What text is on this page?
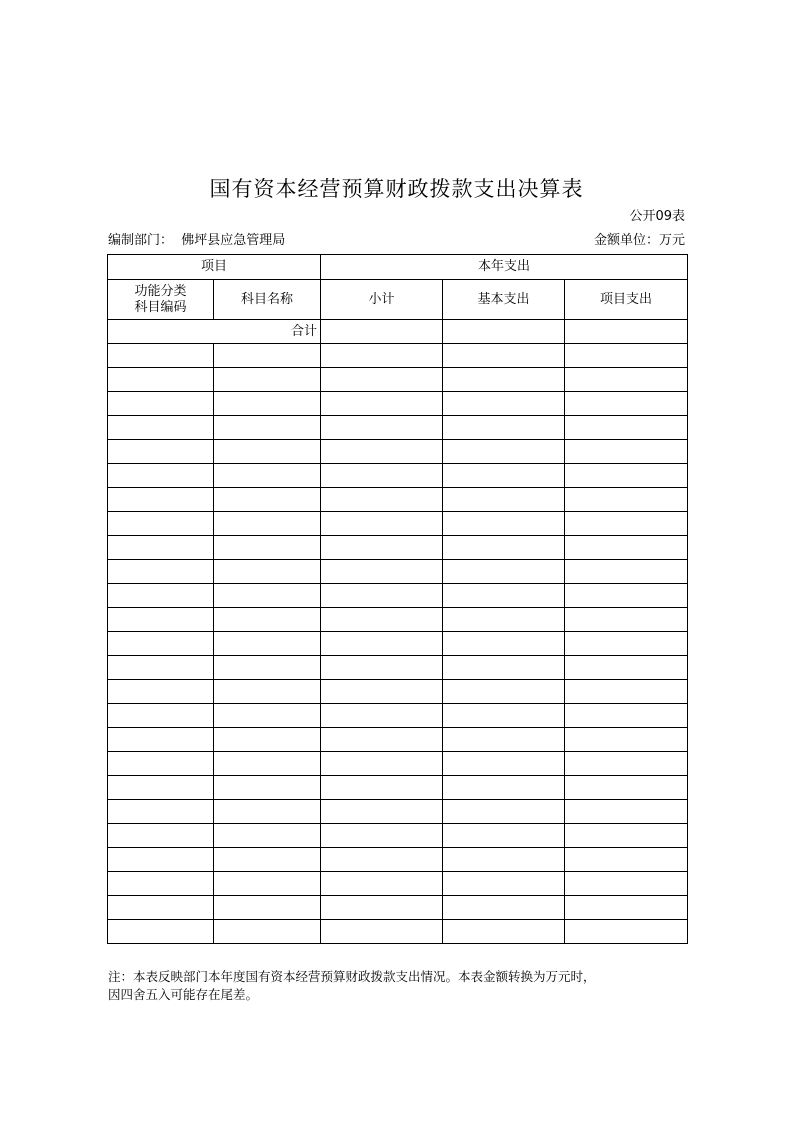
国有资本经营预算财政拨款支出决算表
公开09表
编制部门： 佛坪县应急管理局	金额单位：万元
项目		本年支出		

功能分类
科目编码	科目名称	小计	基本支出	项目支出
合计				

注：本表反映部门本年度国有资本经营预算财政拨款支出情况。本表金额转换为万元时，
因四舍五入可能存在尾差。
